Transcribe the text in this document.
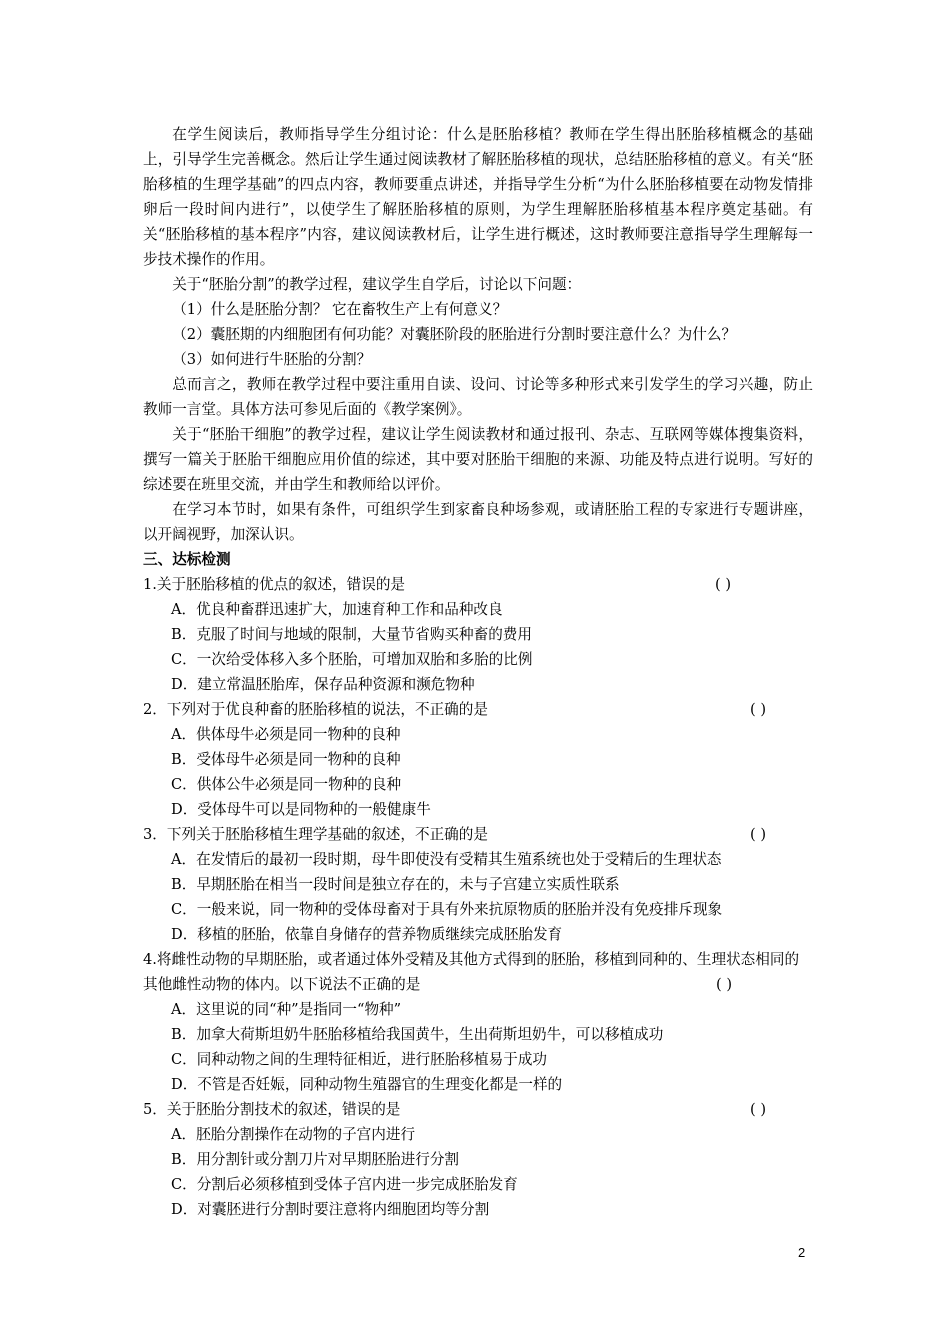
在学生阅读后，教师指导学生分组讨论：什么是胚胎移植？教师在学生得出胚胎移植概念的基础上，引导学生完善概念。然后让学生通过阅读教材了解胚胎移植的现状，总结胚胎移植的意义。有关“胚胎移植的生理学基础”的四点内容，教师要重点讲述，并指导学生分析“为什么胚胎移植要在动物发情排卵后一段时间内进行”，以使学生了解胚胎移植的原则，为学生理解胚胎移植基本程序奠定基础。有关“胚胎移植的基本程序”内容，建议阅读教材后，让学生进行概述，这时教师要注意指导学生理解每一步技术操作的作用。

关于“胚胎分割”的教学过程，建议学生自学后，讨论以下问题：

（1）什么是胚胎分割？ 它在畜牧生产上有何意义？

（2）囊胚期的内细胞团有何功能？对囊胚阶段的胚胎进行分割时要注意什么？为什么？

（3）如何进行牛胚胎的分割？

总而言之，教师在教学过程中要注重用自读、设问、讨论等多种形式来引发学生的学习兴趣，防止教师一言堂。具体方法可参见后面的《教学案例》。

关于“胚胎干细胞”的教学过程，建议让学生阅读教材和通过报刊、杂志、互联网等媒体搜集资料，撰写一篇关于胚胎干细胞应用价值的综述，其中要对胚胎干细胞的来源、功能及特点进行说明。写好的综述要在班里交流，并由学生和教师给以评价。

在学习本节时，如果有条件，可组织学生到家畜良种场参观，或请胚胎工程的专家进行专题讲座，以开阔视野，加深认识。

三、达标检测

1.关于胚胎移植的优点的叙述，错误的是	( )

A．优良种畜群迅速扩大，加速育种工作和品种改良

B．克服了时间与地域的限制，大量节省购买种畜的费用

C．一次给受体移入多个胚胎，可增加双胎和多胎的比例

D．建立常温胚胎库，保存品种资源和濒危物种

2．下列对于优良种畜的胚胎移植的说法，不正确的是	( )

A．供体母牛必须是同一物种的良种

B．受体母牛必须是同一物种的良种

C．供体公牛必须是同一物种的良种

D．受体母牛可以是同物种的一般健康牛

3．下列关于胚胎移植生理学基础的叙述，不正确的是	( )

A．在发情后的最初一段时期，母牛即使没有受精其生殖系统也处于受精后的生理状态

B．早期胚胎在相当一段时间是独立存在的，未与子宫建立实质性联系

C．一般来说，同一物种的受体母畜对于具有外来抗原物质的胚胎并没有免疫排斥现象

D．移植的胚胎，依靠自身储存的营养物质继续完成胚胎发育

4.将雌性动物的早期胚胎，或者通过体外受精及其他方式得到的胚胎，移植到同种的、生理状态相同的其他雌性动物的体内。以下说法不正确的是	( )

A．这里说的同“种”是指同一“物种”

B．加拿大荷斯坦奶牛胚胎移植给我国黄牛，生出荷斯坦奶牛，可以移植成功

C．同种动物之间的生理特征相近，进行胚胎移植易于成功

D．不管是否妊娠，同种动物生殖器官的生理变化都是一样的

5．关于胚胎分割技术的叙述，错误的是	( )

A．胚胎分割操作在动物的子宫内进行

B．用分割针或分割刀片对早期胚胎进行分割

C．分割后必须移植到受体子宫内进一步完成胚胎发育

D．对囊胚进行分割时要注意将内细胞团均等分割

2
